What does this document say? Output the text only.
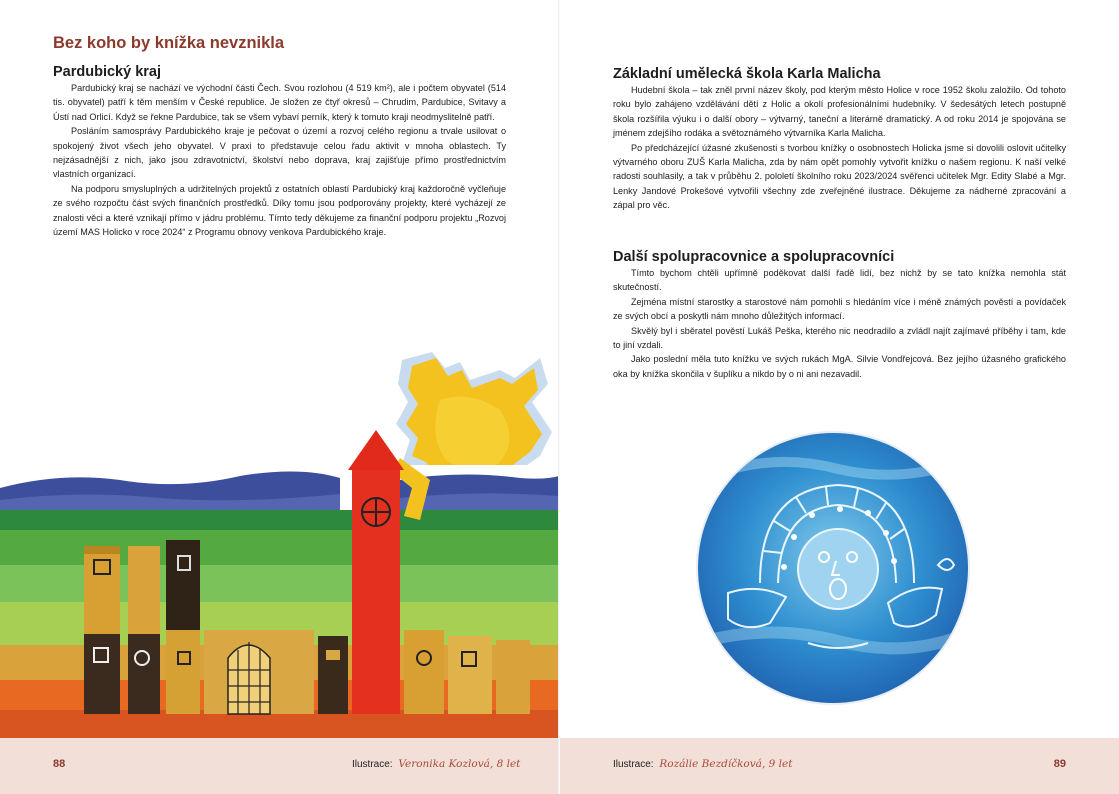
Bez koho by knížka nevznikla
Pardubický kraj

Pardubický kraj se nachází ve východní části Čech. Svou rozlohou (4 519 km²), ale i počtem obyvatel (514 tis. obyvatel) patří k těm menším v České republice. Je složen ze čtyř okresů – Chrudim, Pardubice, Svitavy a Ústí nad Orlicí. Když se řekne Pardubice, tak se všem vybaví perník, který k tomuto kraji neodmyslitelně patří.

Posláním samosprávy Pardubického kraje je pečovat o území a rozvoj celého regionu a trvale usilovat o spokojený život všech jeho obyvatel. V praxi to představuje celou řadu aktivit v mnoha oblastech. Ty nejzásadnější z nich, jako jsou zdravotnictví, školství nebo doprava, kraj zajišťuje přímo prostřednictvím vlastních organizací.

Na podporu smysluplných a udržitelných projektů z ostatních oblastí Pardubický kraj každoročně vyčleňuje ze svého rozpočtu část svých finančních prostředků. Díky tomu jsou podporovány projekty, které vycházejí ze znalosti věci a které vznikají přímo v jádru problému. Tímto tedy děkujeme za finanční podporu projektu „Rozvoj území MAS Holicko v roce 2024“ z Programu obnovy venkova Pardubického kraje.

88	Ilustrace: Veronika Kozlová, 8 let
Základní umělecká škola Karla Malicha

Hudební škola – tak zněl první název školy, pod kterým město Holice v roce 1952 školu založilo. Od tohoto roku bylo zahájeno vzdělávání dětí z Holic a okolí profesionálními hudebníky. V šedesátých letech postupně škola rozšířila výuku i o další obory – výtvarný, taneční a literárně dramatický. A od roku 2014 je spojována se jménem zdejšího rodáka a světoznámého výtvarníka Karla Malicha.

Po předcházející úžasné zkušenosti s tvorbou knížky o osobnostech Holicka jsme si dovolili oslovit učitelky výtvarného oboru ZUŠ Karla Malicha, zda by nám opět pomohly vytvořit knížku o našem regionu. K naší velké radosti souhlasily, a tak v průběhu 2. pololetí školního roku 2023/2024 svěřenci učitelek Mgr. Edity Slabé a Mgr. Lenky Jandové Prokešové vytvořili všechny zde zveřejněné ilustrace. Děkujeme za nádherné zpracování a zápal pro věc.

Další spolupracovnice a spolupracovníci

Tímto bychom chtěli upřímně poděkovat další řadě lidí, bez nichž by se tato knížka nemohla stát skutečností.

Zejména místní starostky a starostové nám pomohli s hledáním více i méně známých pověstí a povídaček ze svých obcí a poskytli nám mnoho důležitých informací.

Skvělý byl i sběratel pověstí Lukáš Peška, kterého nic neodradilo a zvládl najít zajímavé příběhy i tam, kde to jiní vzdali.

Jako poslední měla tuto knížku ve svých rukách MgA. Silvie Vondřejcová. Bez jejího úžasného grafického oka by knížka skončila v šuplíku a nikdo by o ni ani nezavadil.

Ilustrace: Rozálie Bezdíčková, 9 let	89
